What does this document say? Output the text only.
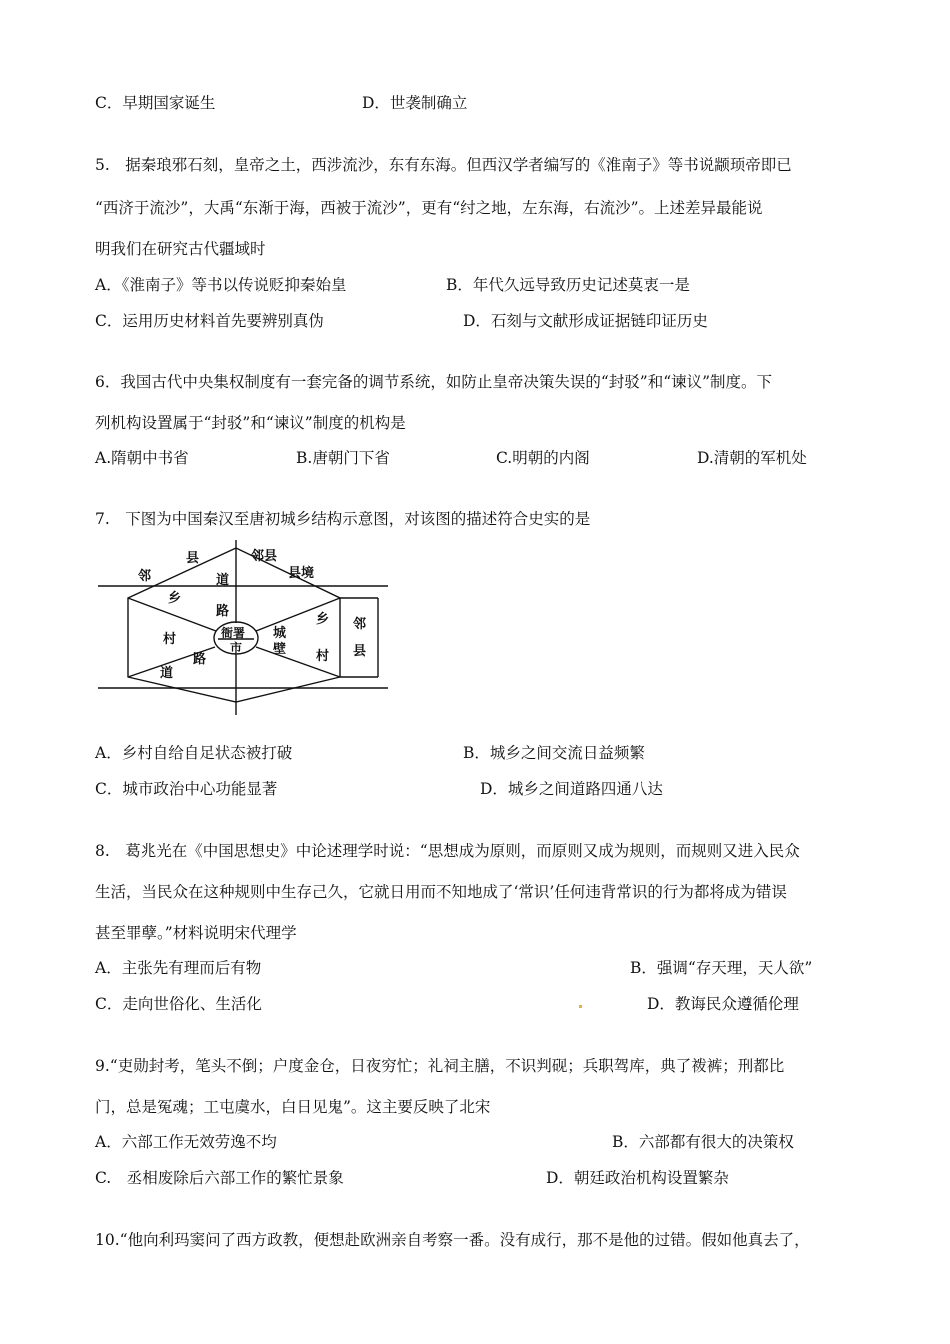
C．早期国家诞生	D．世袭制确立
5.　据秦琅邪石刻，皇帝之土，西涉流沙，东有东海。但西汉学者编写的《淮南子》等书说颛顼帝即已
“西济于流沙”，大禹“东渐于海，西被于流沙”，更有“纣之地，左东海，右流沙”。上述差异最能说
明我们在研究古代疆域时
A．《淮南子》等书以传说贬抑秦始皇	B．年代久远导致历史记述莫衷一是
C．运用历史材料首先要辨别真伪	D．石刻与文献形成证据链印证历史
6．我国古代中央集权制度有一套完备的调节系统，如防止皇帝决策失误的“封驳”和“谏议”制度。下
列机构设置属于“封驳”和“谏议”制度的机构是
A.隋朝中书省	B.唐朝门下省	C.明朝的内阁	D.清朝的军机处
7.　下图为中国秦汉至唐初城乡结构示意图，对该图的描述符合史实的是
县
邻
邻县
县境
道
乡
路
村	衙署
市
城
壁
乡
村
路
道
邻
县
A．乡村自给自足状态被打破	B．城乡之间交流日益频繁
C．城市政治中心功能显著	D．城乡之间道路四通八达
8.　葛兆光在《中国思想史》中论述理学时说：“思想成为原则，而原则又成为规则，而规则又进入民众
生活，当民众在这种规则中生存己久，它就日用而不知地成了‘常识’任何违背常识的行为都将成为错误
甚至罪孽。”材料说明宋代理学
A．主张先有理而后有物	B．强调“存天理，天人欲”
C．走向世俗化、生活化	D．教诲民众遵循伦理
9.“吏勋封考，笔头不倒；户度金仓，日夜穷忙；礼祠主膳，不识判砚；兵职驾库，典了袯裤；刑都比
门，总是冤魂；工屯虞水，白日见鬼”。这主要反映了北宋
A．六部工作无效劳逸不均	B．六部都有很大的决策权
C.　丞相废除后六部工作的繁忙景象	D．朝廷政治机构设置繁杂
10.“他向利玛窦问了西方政教，便想赴欧洲亲自考察一番。没有成行，那不是他的过错。假如他真去了，
